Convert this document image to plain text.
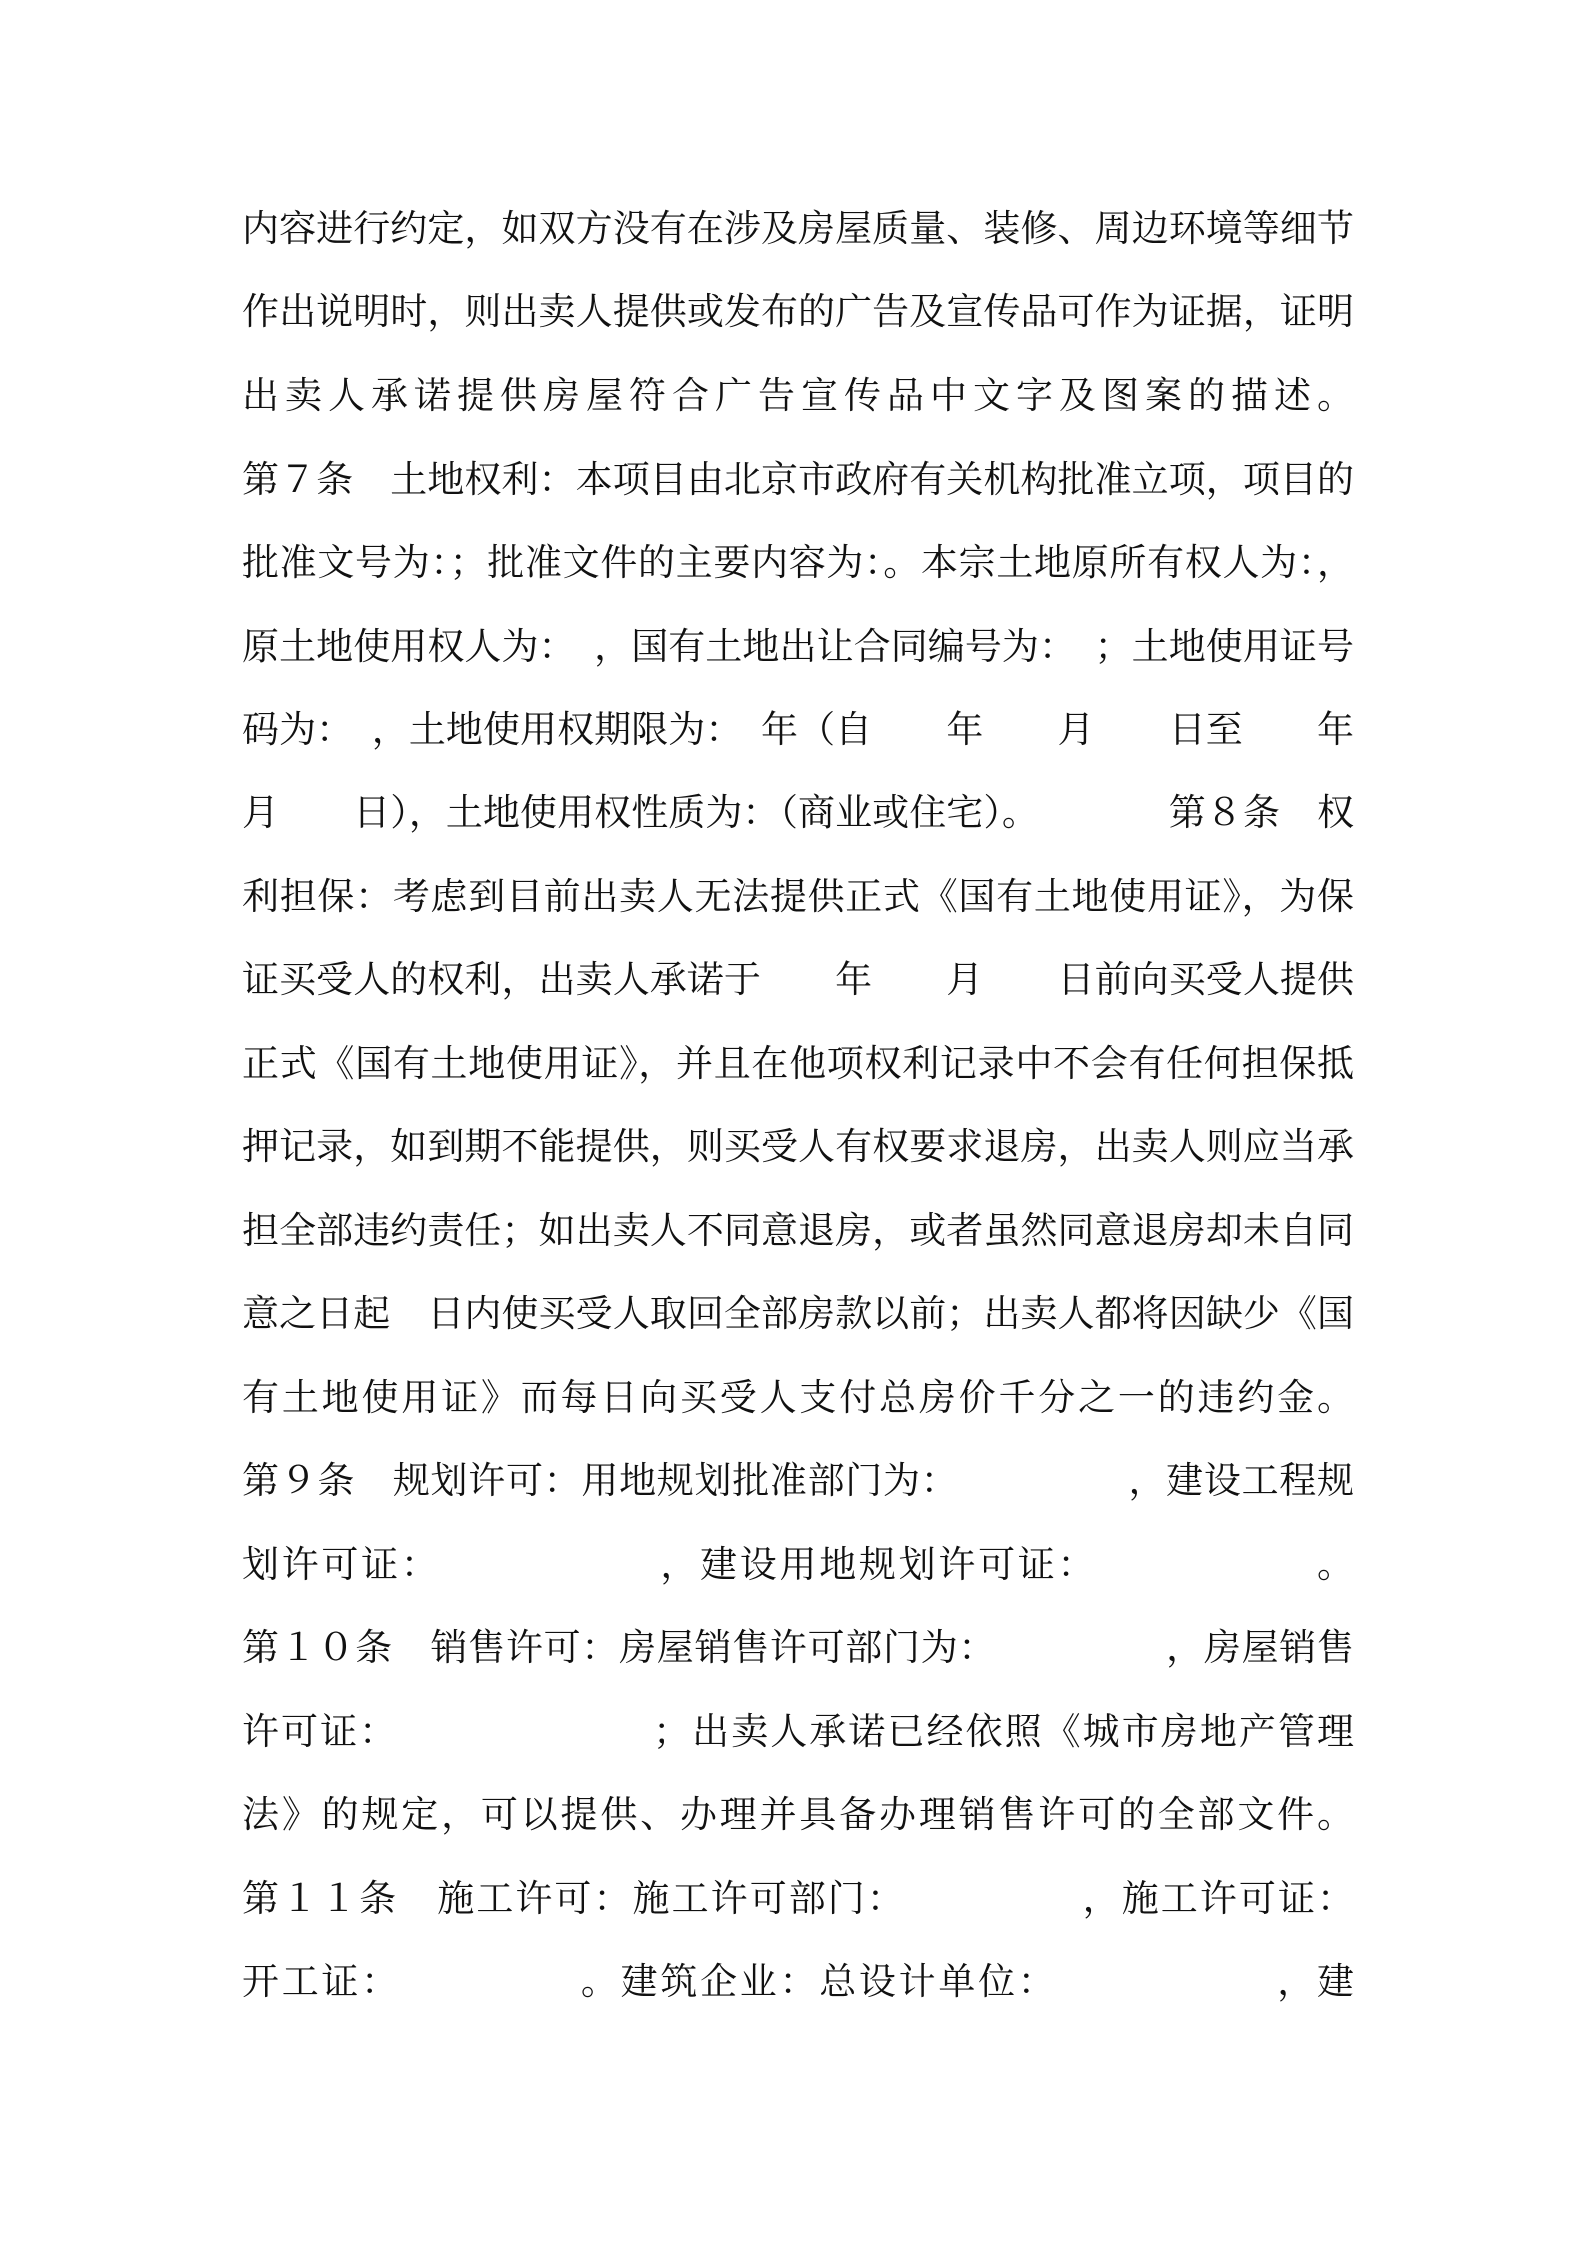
内容进行约定，如双方没有在涉及房屋质量、装修、周边环境等细节
作出说明时，则出卖人提供或发布的广告及宣传品可作为证据，证明
出卖人承诺提供房屋符合广告宣传品中文字及图案的描述。
第７条　土地权利：本项目由北京市政府有关机构批准立项，项目的
批准文号为：；批准文件的主要内容为：。本宗土地原所有权人为：，
原土地使用权人为：　，国有土地出让合同编号为：　；土地使用证号
码为：　，土地使用权期限为：　年（自　　年　　月　　日至　　年
月　　日），土地使用权性质为：（商业或住宅）。　　　　第８条　权
利担保：考虑到目前出卖人无法提供正式《国有土地使用证》，为保
证买受人的权利，出卖人承诺于　　年　　月　　日前向买受人提供
正式《国有土地使用证》，并且在他项权利记录中不会有任何担保抵
押记录，如到期不能提供，则买受人有权要求退房，出卖人则应当承
担全部违约责任；如出卖人不同意退房，或者虽然同意退房却未自同
意之日起　日内使买受人取回全部房款以前；出卖人都将因缺少《国
有土地使用证》而每日向买受人支付总房价千分之一的违约金。
第９条　规划许可：用地规划批准部门为：　　　　　，建设工程规
划许可证：　　　　　　，建设用地规划许可证：　　　　　　。
第１０条　销售许可：房屋销售许可部门为：　　　　　，房屋销售
许可证：　　　　　　　；出卖人承诺已经依照《城市房地产管理
法》的规定，可以提供、办理并具备办理销售许可的全部文件。
第１１条　施工许可：施工许可部门：　　　　　，施工许可证：
开工证：　　　　　。建筑企业：总设计单位：　　　　　　，建
